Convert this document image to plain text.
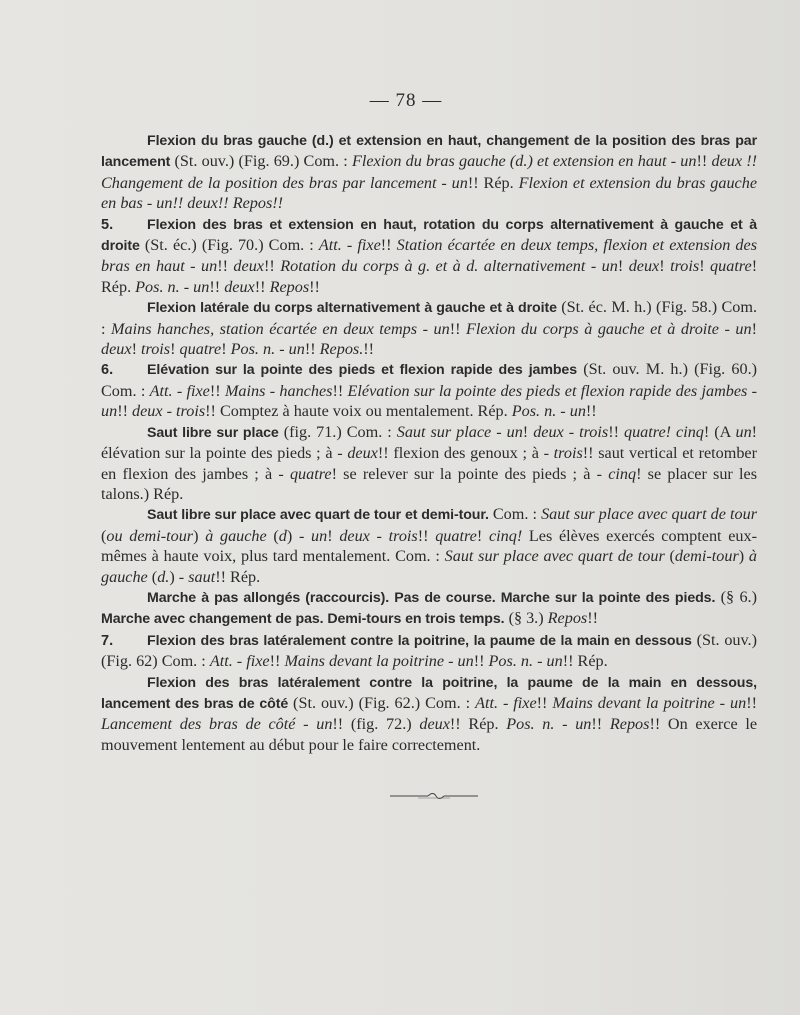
— 78 —

Flexion du bras gauche (d.) et extension en haut, changement de la position des bras par lancement (St. ouv.) (Fig. 69.) Com. : Flexion du bras gauche (d.) et extension en haut - un!! deux !! Changement de la position des bras par lancement - un!! Rép. Flexion et extension du bras gauche en bas - un!! deux!! Repos!!

5. Flexion des bras et extension en haut, rotation du corps alternativement à gauche et à droite (St. éc.) (Fig. 70.) Com. : Att. - fixe!! Station écartée en deux temps, flexion et extension des bras en haut - un!! deux!! Rotation du corps à g. et à d. alternativement - un! deux! trois! quatre! Rép. Pos. n. - un!! deux!! Repos!!

Flexion latérale du corps alternativement à gauche et à droite (St. éc. M. h.) (Fig. 58.) Com. : Mains hanches, station écartée en deux temps - un!! Flexion du corps à gauche et à droite - un! deux! trois! quatre! Pos. n. - un!! Repos.!!

6. Elévation sur la pointe des pieds et flexion rapide des jambes (St. ouv. M. h.) (Fig. 60.) Com. : Att. - fixe!! Mains - hanches!! Elévation sur la pointe des pieds et flexion rapide des jambes - un!! deux - trois!! Comptez à haute voix ou mentalement. Rép. Pos. n. - un!!

Saut libre sur place (fig. 71.) Com. : Saut sur place - un! deux - trois!! quatre! cinq! (A un! élévation sur la pointe des pieds ; à - deux!! flexion des genoux ; à - trois!! saut vertical et retomber en flexion des jambes ; à - quatre! se relever sur la pointe des pieds ; à - cinq! se placer sur les talons.) Rép.

Saut libre sur place avec quart de tour et demi-tour. Com. : Saut sur place avec quart de tour (ou demi-tour) à gauche (d) - un! deux - trois!! quatre! cinq! Les élèves exercés comptent eux-mêmes à haute voix, plus tard mentalement. Com. : Saut sur place avec quart de tour (demi-tour) à gauche (d.) - saut!! Rép.

Marche à pas allongés (raccourcis). Pas de course. Marche sur la pointe des pieds. (§ 6.) Marche avec changement de pas. Demi-tours en trois temps. (§ 3.) Repos!!

7. Flexion des bras latéralement contre la poitrine, la paume de la main en dessous (St. ouv.) (Fig. 62) Com. : Att. - fixe!! Mains devant la poitrine - un!! Pos. n. - un!! Rép.

Flexion des bras latéralement contre la poitrine, la paume de la main en dessous, lancement des bras de côté (St. ouv.) (Fig. 62.) Com. : Att. - fixe!! Mains devant la poitrine - un!! Lancement des bras de côté - un!! (fig. 72.) deux!! Rép. Pos. n. - un!! Repos!! On exerce le mouvement lentement au début pour le faire correctement.
